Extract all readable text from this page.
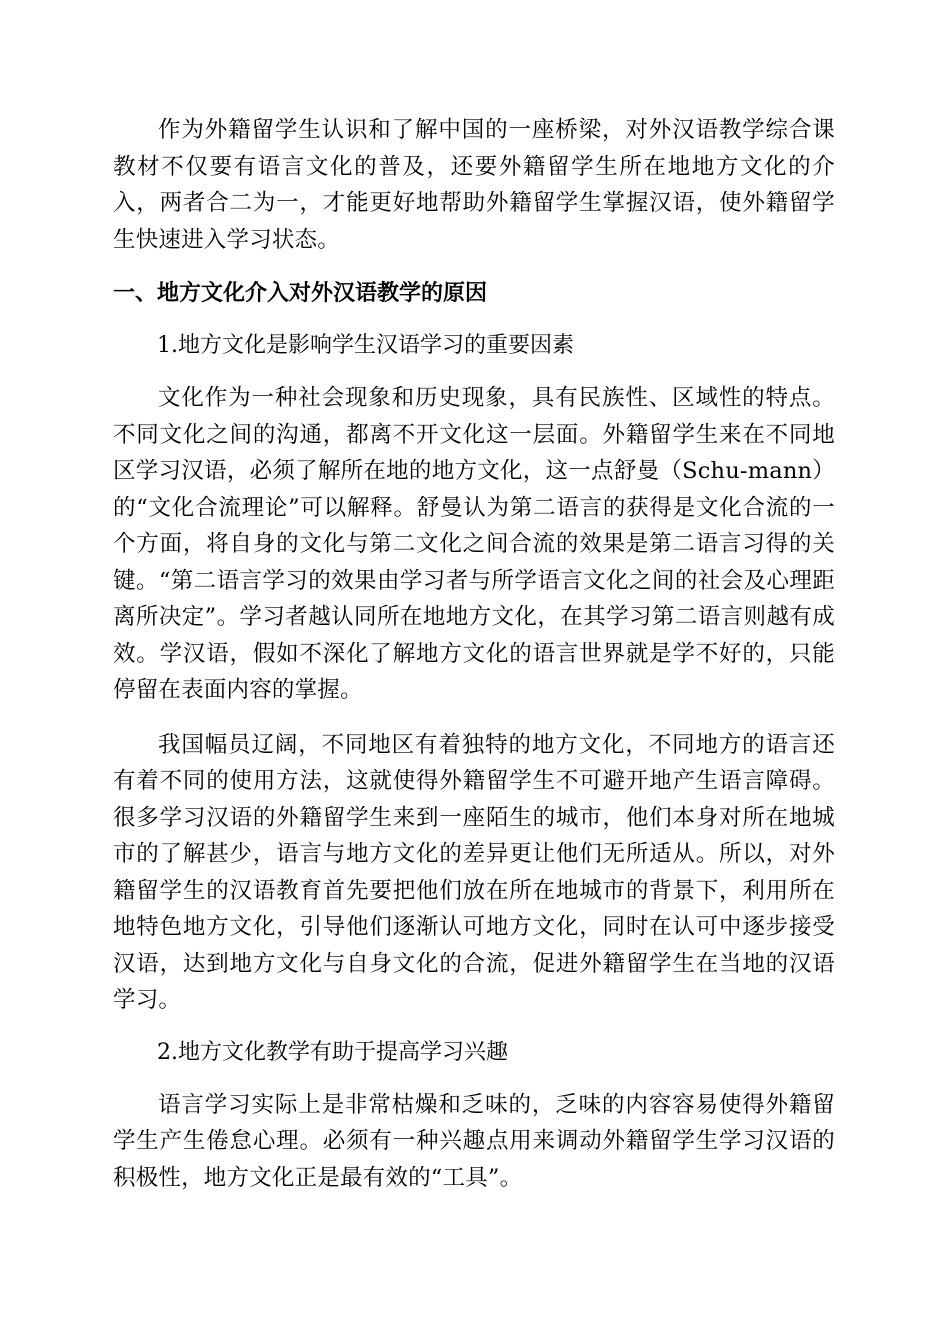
作为外籍留学生认识和了解中国的一座桥梁，对外汉语教学综合课教材不仅要有语言文化的普及，还要外籍留学生所在地地方文化的介入，两者合二为一，才能更好地帮助外籍留学生掌握汉语，使外籍留学生快速进入学习状态。

一、地方文化介入对外汉语教学的原因

1.地方文化是影响学生汉语学习的重要因素

文化作为一种社会现象和历史现象，具有民族性、区域性的特点。不同文化之间的沟通，都离不开文化这一层面。外籍留学生来在不同地区学习汉语，必须了解所在地的地方文化，这一点舒曼（Schu-mann）的“文化合流理论”可以解释。舒曼认为第二语言的获得是文化合流的一个方面，将自身的文化与第二文化之间合流的效果是第二语言习得的关键。“第二语言学习的效果由学习者与所学语言文化之间的社会及心理距离所决定”。学习者越认同所在地地方文化，在其学习第二语言则越有成效。学汉语，假如不深化了解地方文化的语言世界就是学不好的，只能停留在表面内容的掌握。

我国幅员辽阔，不同地区有着独特的地方文化，不同地方的语言还有着不同的使用方法，这就使得外籍留学生不可避开地产生语言障碍。很多学习汉语的外籍留学生来到一座陌生的城市，他们本身对所在地城市的了解甚少，语言与地方文化的差异更让他们无所适从。所以，对外籍留学生的汉语教育首先要把他们放在所在地城市的背景下，利用所在地特色地方文化，引导他们逐渐认可地方文化，同时在认可中逐步接受汉语，达到地方文化与自身文化的合流，促进外籍留学生在当地的汉语学习。

2.地方文化教学有助于提高学习兴趣

语言学习实际上是非常枯燥和乏味的，乏味的内容容易使得外籍留学生产生倦怠心理。必须有一种兴趣点用来调动外籍留学生学习汉语的积极性，地方文化正是最有效的“工具”。
